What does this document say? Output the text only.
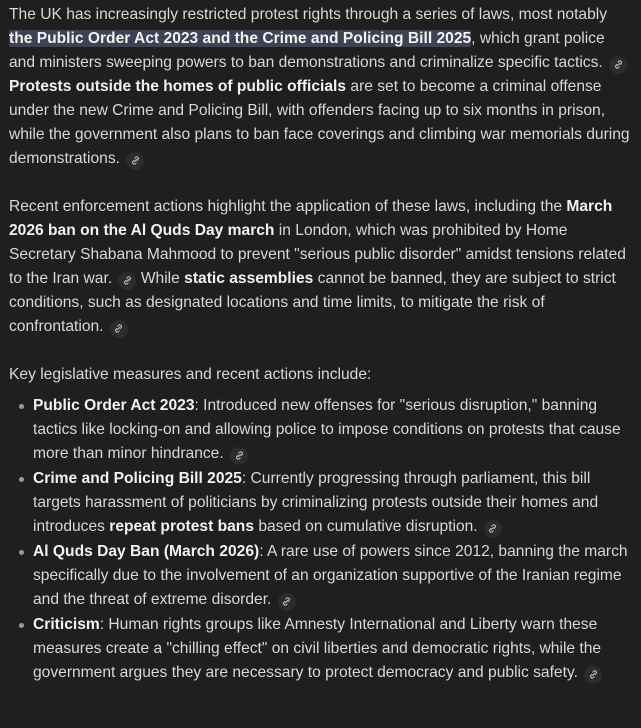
The UK has increasingly restricted protest rights through a series of laws, most notably the Public Order Act 2023 and the Crime and Policing Bill 2025, which grant police and ministers sweeping powers to ban demonstrations and criminalize specific tactics.
Protests outside the homes of public officials are set to become a criminal offense under the new Crime and Policing Bill, with offenders facing up to six months in prison, while the government also plans to ban face coverings and climbing war memorials during demonstrations.

Recent enforcement actions highlight the application of these laws, including the March 2026 ban on the Al Quds Day march in London, which was prohibited by Home Secretary Shabana Mahmood to prevent "serious public disorder" amidst tensions related to the Iran war.
While static assemblies cannot be banned, they are subject to strict conditions, such as designated locations and time limits, to mitigate the risk of confrontation.

Key legislative measures and recent actions include:

Public Order Act 2023: Introduced new offenses for "serious disruption," banning tactics like locking-on and allowing police to impose conditions on protests that cause more than minor hindrance.
Crime and Policing Bill 2025: Currently progressing through parliament, this bill targets harassment of politicians by criminalizing protests outside their homes and introduces repeat protest bans based on cumulative disruption.
Al Quds Day Ban (March 2026): A rare use of powers since 2012, banning the march specifically due to the involvement of an organization supportive of the Iranian regime and the threat of extreme disorder.
Criticism: Human rights groups like Amnesty International and Liberty warn these measures create a "chilling effect" on civil liberties and democratic rights, while the government argues they are necessary to protect democracy and public safety.
